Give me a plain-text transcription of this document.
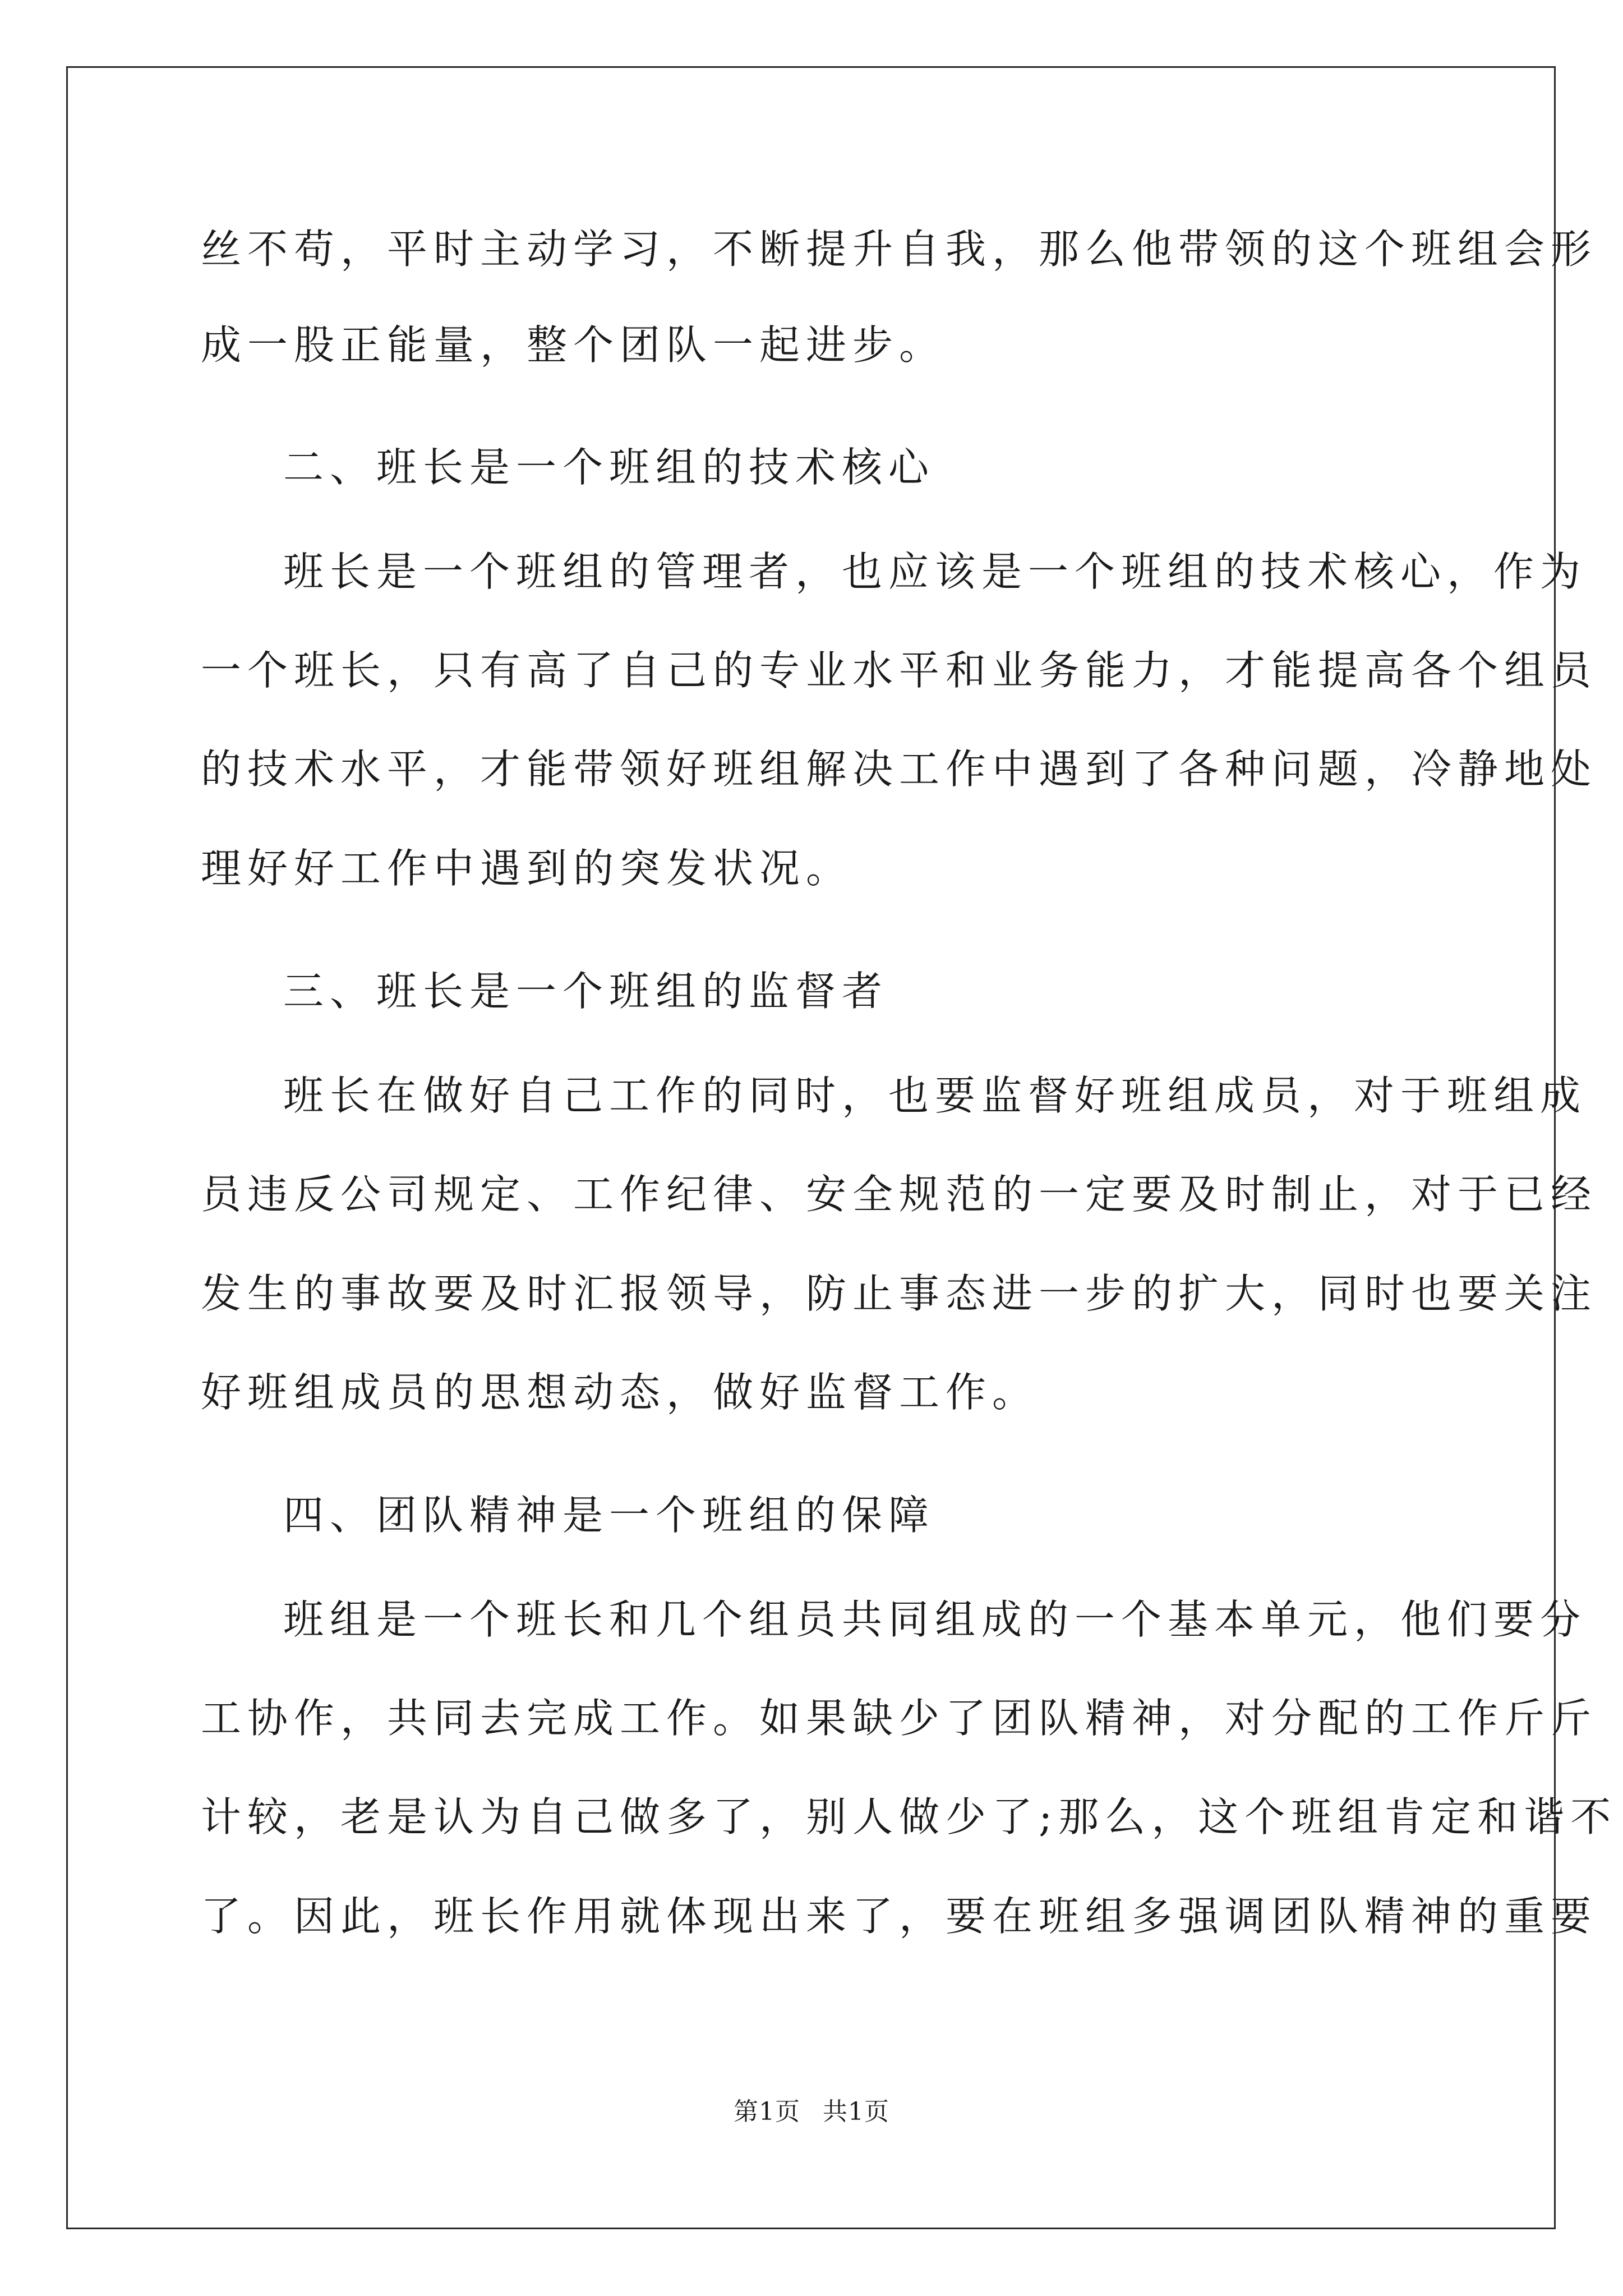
丝不苟，平时主动学习，不断提升自我，那么他带领的这个班组会形
成一股正能量，整个团队一起进步。
二、班长是一个班组的技术核心
班长是一个班组的管理者，也应该是一个班组的技术核心，作为
一个班长，只有高了自己的专业水平和业务能力，才能提高各个组员
的技术水平，才能带领好班组解决工作中遇到了各种问题，冷静地处
理好好工作中遇到的突发状况。
三、班长是一个班组的监督者
班长在做好自己工作的同时，也要监督好班组成员，对于班组成
员违反公司规定、工作纪律、安全规范的一定要及时制止，对于已经
发生的事故要及时汇报领导，防止事态进一步的扩大，同时也要关注
好班组成员的思想动态，做好监督工作。
四、团队精神是一个班组的保障
班组是一个班长和几个组员共同组成的一个基本单元，他们要分
工协作，共同去完成工作。如果缺少了团队精神，对分配的工作斤斤
计较，老是认为自己做多了，别人做少了;那么，这个班组肯定和谐不
了。因此，班长作用就体现出来了，要在班组多强调团队精神的重要
第1页 共1页
